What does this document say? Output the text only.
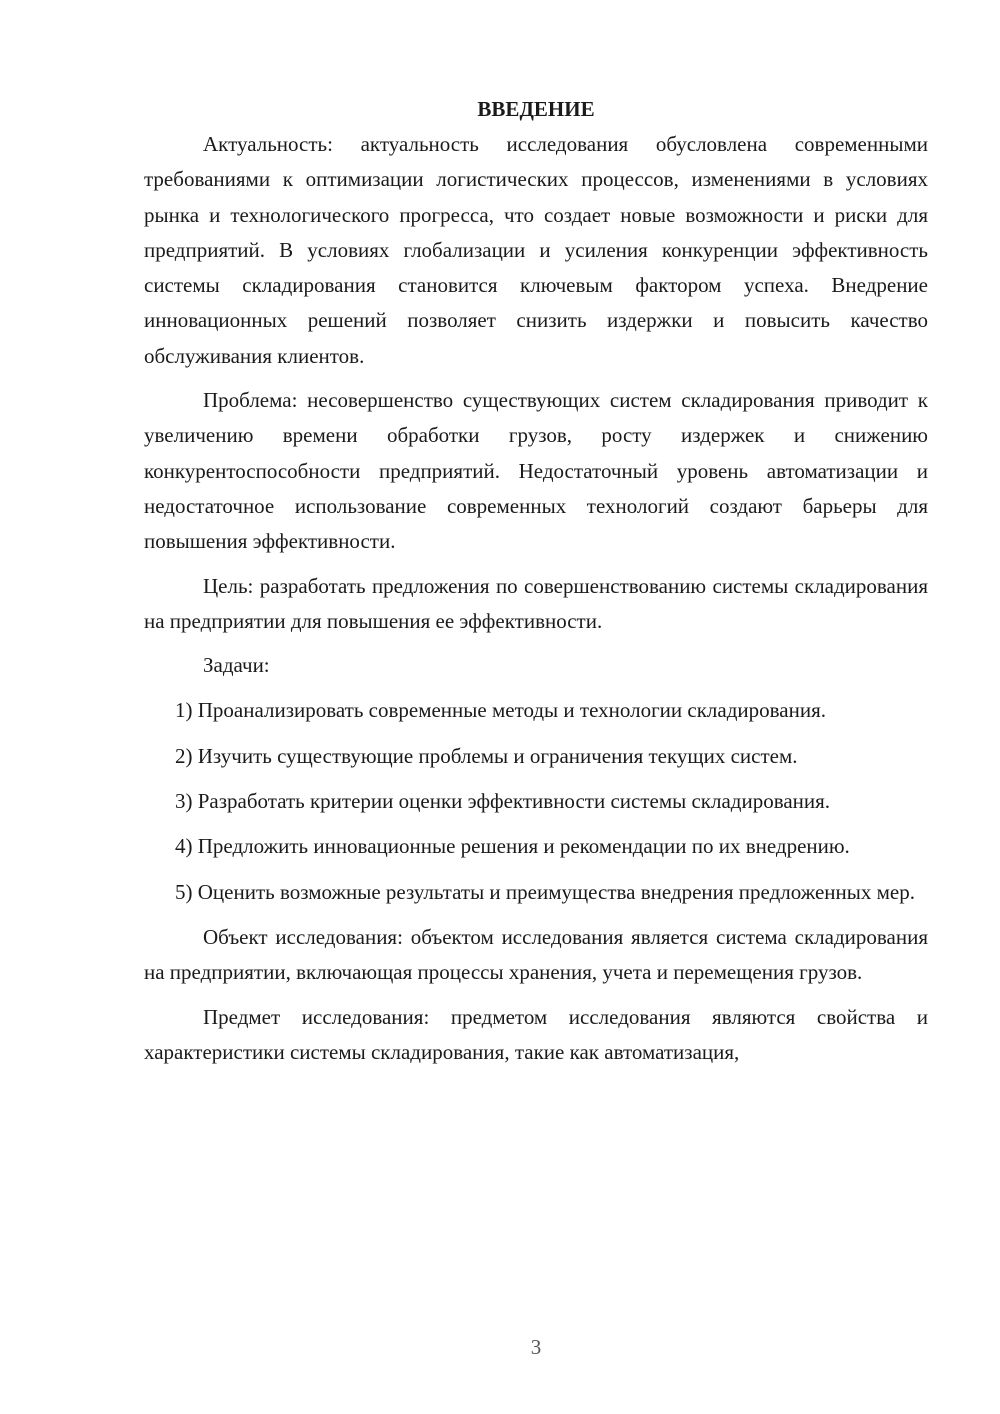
ВВЕДЕНИЕ

Актуальность: актуальность исследования обусловлена современными требованиями к оптимизации логистических процессов, изменениями в условиях рынка и технологического прогресса, что создает новые возможности и риски для предприятий. В условиях глобализации и усиления конкуренции эффективность системы складирования становится ключевым фактором успеха. Внедрение инновационных решений позволяет снизить издержки и повысить качество обслуживания клиентов.

Проблема: несовершенство существующих систем складирования приводит к увеличению времени обработки грузов, росту издержек и снижению конкурентоспособности предприятий. Недостаточный уровень автоматизации и недостаточное использование современных технологий создают барьеры для повышения эффективности.

Цель: разработать предложения по совершенствованию системы складирования на предприятии для повышения ее эффективности.

Задачи:

1) Проанализировать современные методы и технологии складирования.

2) Изучить существующие проблемы и ограничения текущих систем.

3) Разработать критерии оценки эффективности системы складирования.

4) Предложить инновационные решения и рекомендации по их внедрению.

5) Оценить возможные результаты и преимущества внедрения предложенных мер.

Объект исследования: объектом исследования является система складирования на предприятии, включающая процессы хранения, учета и перемещения грузов.

Предмет исследования: предметом исследования являются свойства и характеристики системы складирования, такие как автоматизация,

3
